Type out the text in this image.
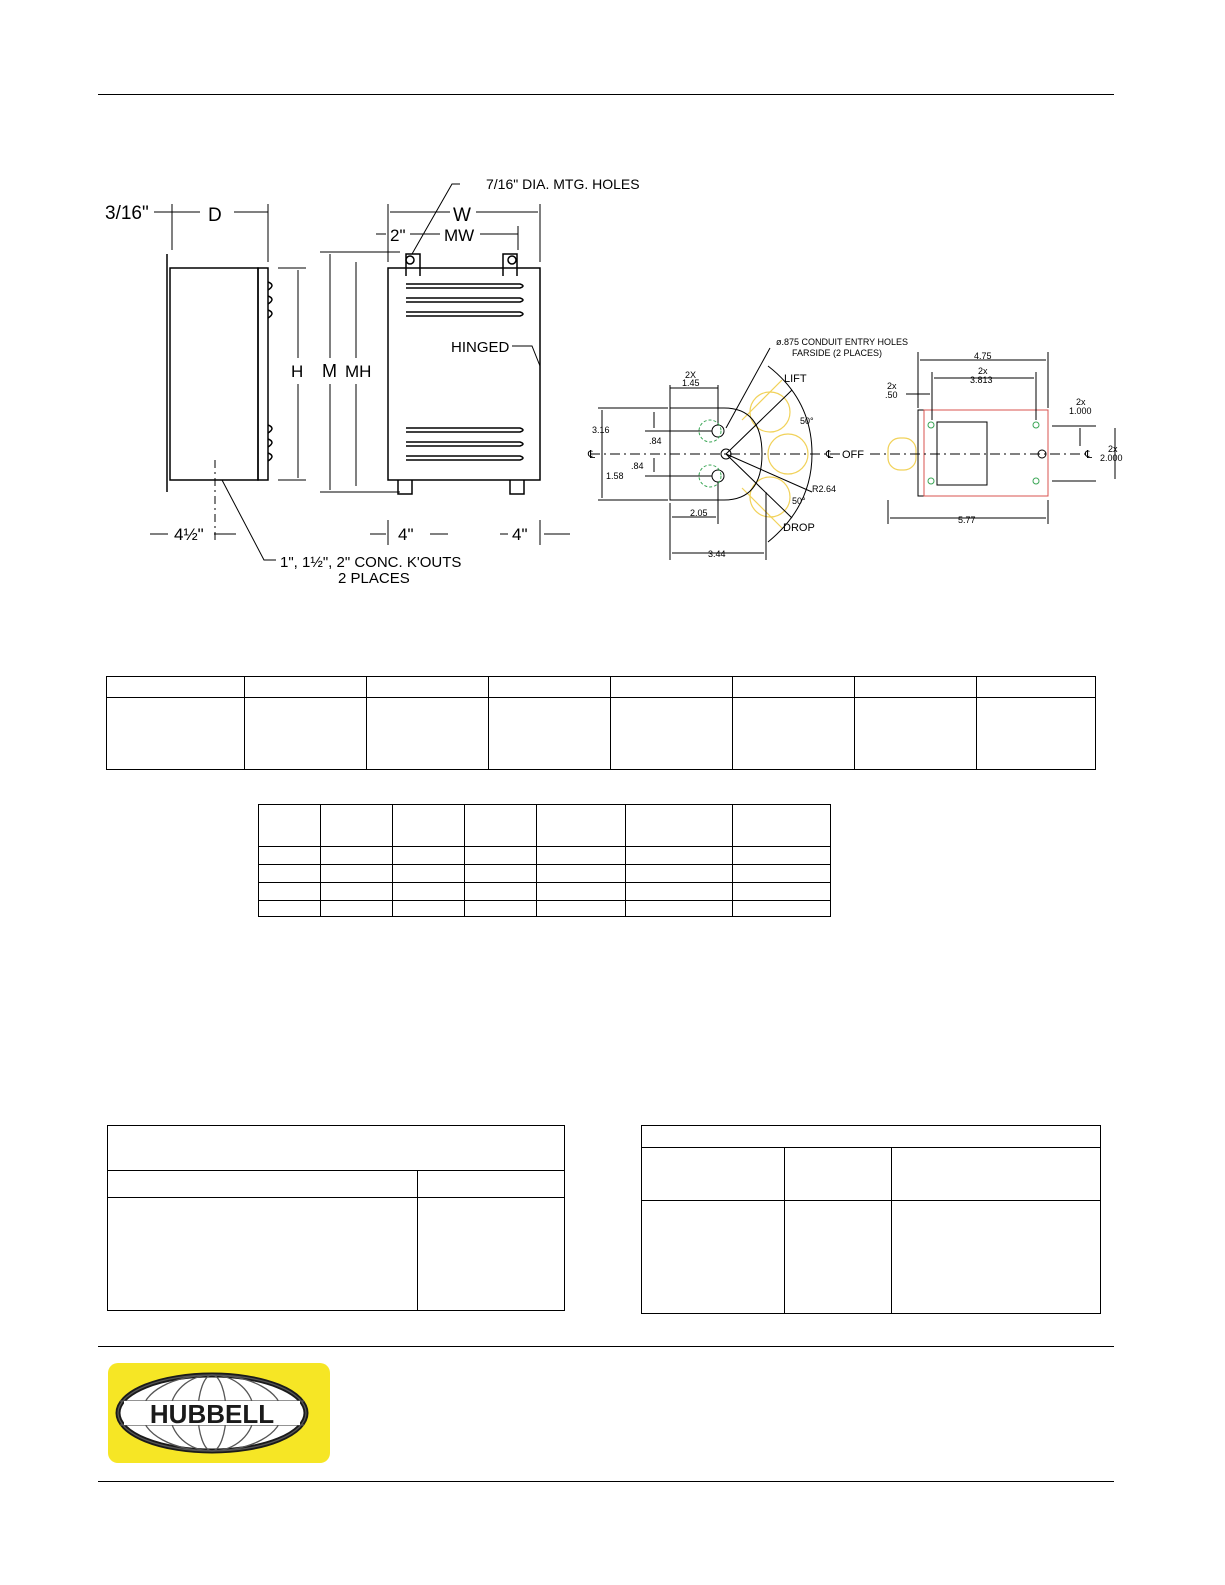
3/16"	D	W
MW
2"
H M MH
4½"	4"	4"
7/16" DIA. MTG. HOLES
HINGED
1", 1½", 2" CONC. K'OUTS
2 PLACES
ø.875 CONDUIT ENTRY HOLES
FARSIDE (2 PLACES)
LIFT
DROP
OFF
℄	℄	℄
2X
1.45
3.16
.84
.84
1.58
2.05
3.44
50°
50°
R2.64
4.75
2x
3.813
2x
.50
2x
1.000
2x
2.000
5.77

HUBBELL
